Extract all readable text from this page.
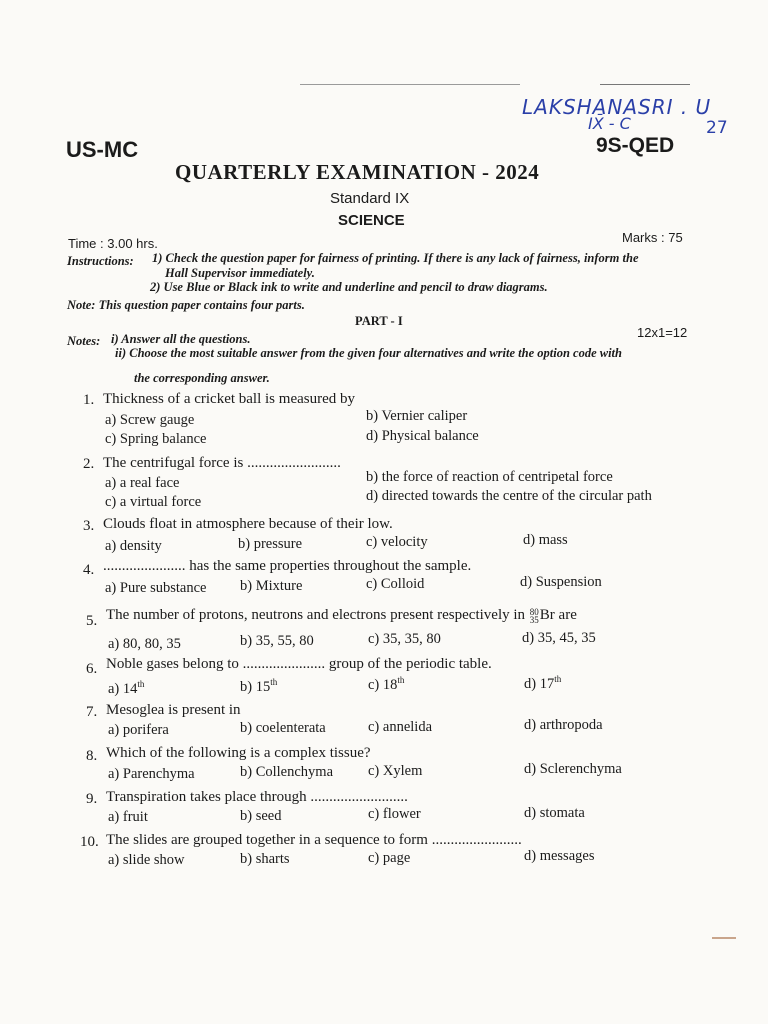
LAKSHANASRI . U
IX̄ - C	27
US-MC	9S-QED
QUARTERLY EXAMINATION - 2024
Standard IX
SCIENCE
Time : 3.00 hrs.	Marks : 75
Instructions: 1) Check the question paper for fairness of printing. If there is any lack of fairness, inform the
Hall Supervisor immediately.
2) Use Blue or Black ink to write and underline and pencil to draw diagrams.
Note: This question paper contains four parts.
PART - I
12x1=12
Notes: i) Answer all the questions.
ii) Choose the most suitable answer from the given four alternatives and write the option code with
the corresponding answer.
1. Thickness of a cricket ball is measured by
a) Screw gauge	b) Vernier caliper
c) Spring balance	d) Physical balance
2. The centrifugal force is .........................
a) a real face	b) the force of reaction of centripetal force
c) a virtual force	d) directed towards the centre of the circular path
3. Clouds float in atmosphere because of their low.
a) density	b) pressure	c) velocity	d) mass
4. ...................... has the same properties throughout the sample.
a) Pure substance b) Mixture	c) Colloid	d) Suspension
5. The number of protons, neutrons and electrons present respectively in 80
35Br are
a) 80, 80, 35	b) 35, 55, 80	c) 35, 35, 80	d) 35, 45, 35
6. Noble gases belong to ...................... group of the periodic table.
a) 14th	b) 15th	c) 18th	d) 17th
7. Mesoglea is present in
a) porifera	b) coelenterata	c) annelida	d) arthropoda
8. Which of the following is a complex tissue?
a) Parenchyma	b) Collenchyma c) Xylem	d) Sclerenchyma
9. Transpiration takes place through ..........................
a) fruit	b) seed	c) flower	d) stomata
10. The slides are grouped together in a sequence to form ........................
a) slide show	b) sharts	c) page	d) messages
